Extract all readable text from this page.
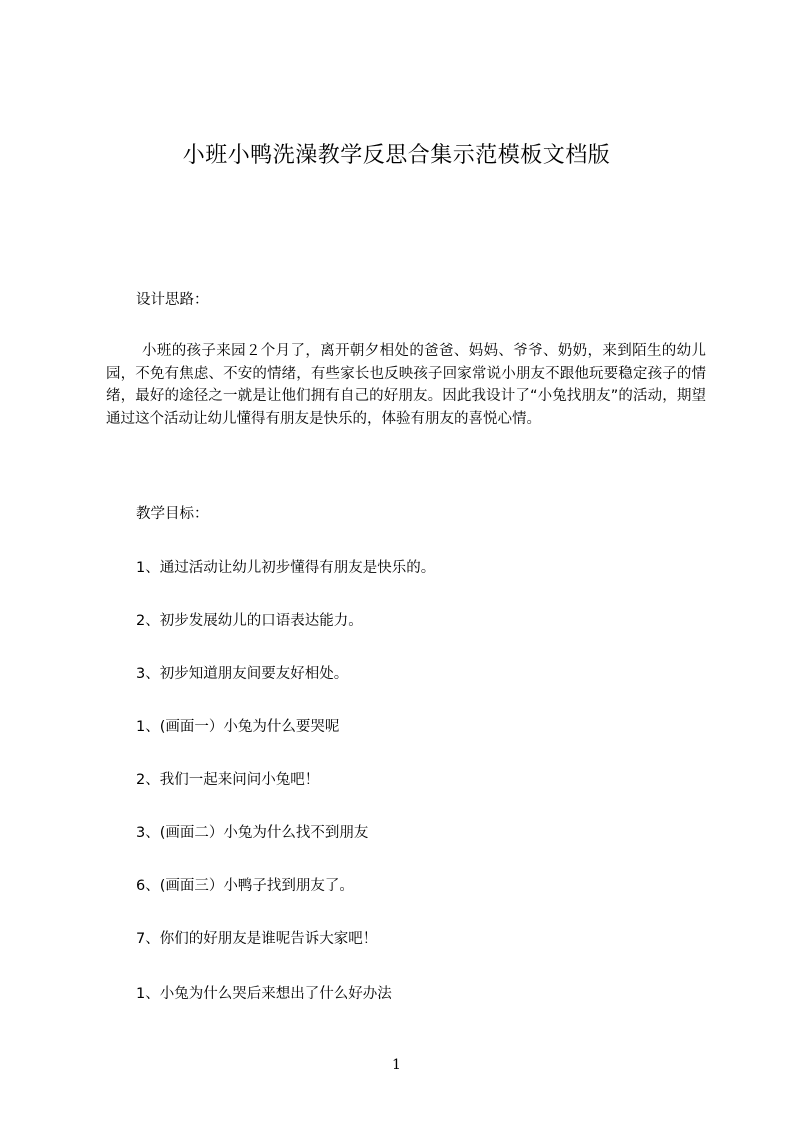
小班小鸭洗澡教学反思合集示范模板文档版

设计思路：

小班的孩子来园２个月了，离开朝夕相处的爸爸、妈妈、爷爷、奶奶，来到陌生的幼儿园，不免有焦虑、不安的情绪，有些家长也反映孩子回家常说小朋友不跟他玩要稳定孩子的情绪，最好的途径之一就是让他们拥有自己的好朋友。因此我设计了“小兔找朋友”的活动，期望通过这个活动让幼儿懂得有朋友是快乐的，体验有朋友的喜悦心情。

教学目标：

1、通过活动让幼儿初步懂得有朋友是快乐的。

2、初步发展幼儿的口语表达能力。

3、初步知道朋友间要友好相处。

1、(画面一）小兔为什么要哭呢

2、我们一起来问问小兔吧！

3、(画面二）小兔为什么找不到朋友

6、(画面三）小鸭子找到朋友了。

7、你们的好朋友是谁呢告诉大家吧！

1、小兔为什么哭后来想出了什么好办法

1
